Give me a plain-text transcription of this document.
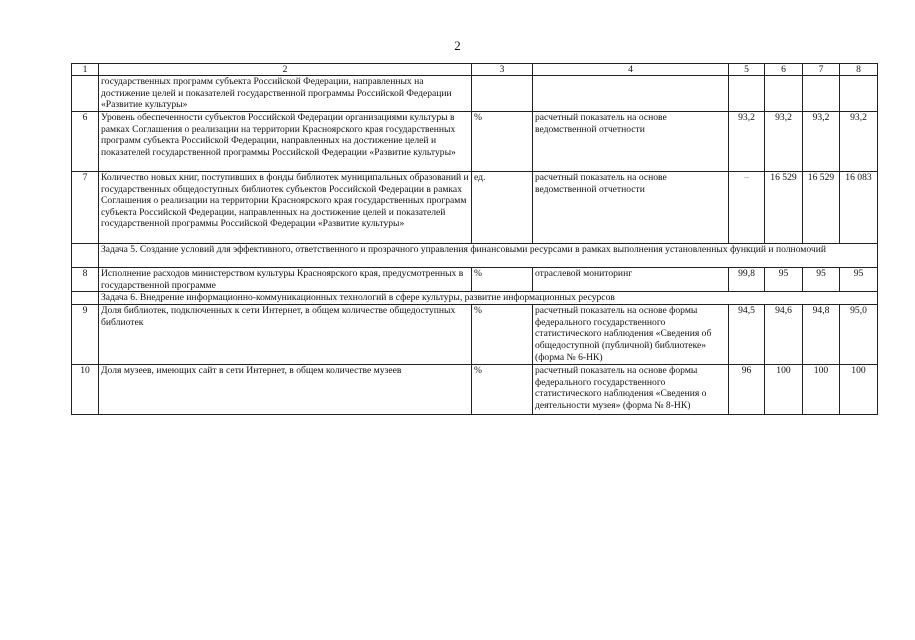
2
1	2	3	4	5	6	7	8
	государственных программ субъекта Российской Федерации, направленных на достижение целей и показателей государственной программы Российской Федерации «Развитие культуры»						
6	Уровень обеспеченности субъектов Российской Федерации организациями культуры в рамках Соглашения о реализации на территории Красноярского края государственных программ субъекта Российской Федерации, направленных на достижение целей и показателей государственной программы Российской Федерации «Развитие культуры»	%	расчетный показатель на основе ведомственной отчетности	93,2	93,2	93,2	93,2
7	Количество новых книг, поступивших в фонды библиотек муниципальных образований и государственных общедоступных библиотек субъектов Российской Федерации в рамках Соглашения о реализации на территории Красноярского края государственных программ субъекта Российской Федерации, направленных на достижение целей и показателей государственной программы Российской Федерации «Развитие культуры»	ед.	расчетный показатель на основе ведомственной отчетности	–	16 529	16 529	16 083
	Задача 5. Создание условий для эффективного, ответственного и прозрачного управления финансовыми ресурсами в рамках выполнения установленных функций и полномочий						
8	Исполнение расходов министерством культуры Красноярского края, предусмотренных в государственной программе	%	отраслевой мониторинг	99,8	95	95	95
	Задача 6. Внедрение информационно-коммуникационных технологий в сфере культуры, развитие информационных ресурсов						
9	Доля библиотек, подключенных к сети Интернет, в общем количестве общедоступных библиотек	%	расчетный показатель на основе формы федерального государственного статистического наблюдения «Сведения об общедоступной (публичной) библиотеке» (форма № 6-НК)	94,5	94,6	94,8	95,0
10	Доля музеев, имеющих сайт в сети Интернет, в общем количестве музеев	%	расчетный показатель на основе формы федерального государственного статистического наблюдения «Сведения о деятельности музея» (форма № 8-НК)	96	100	100	100
